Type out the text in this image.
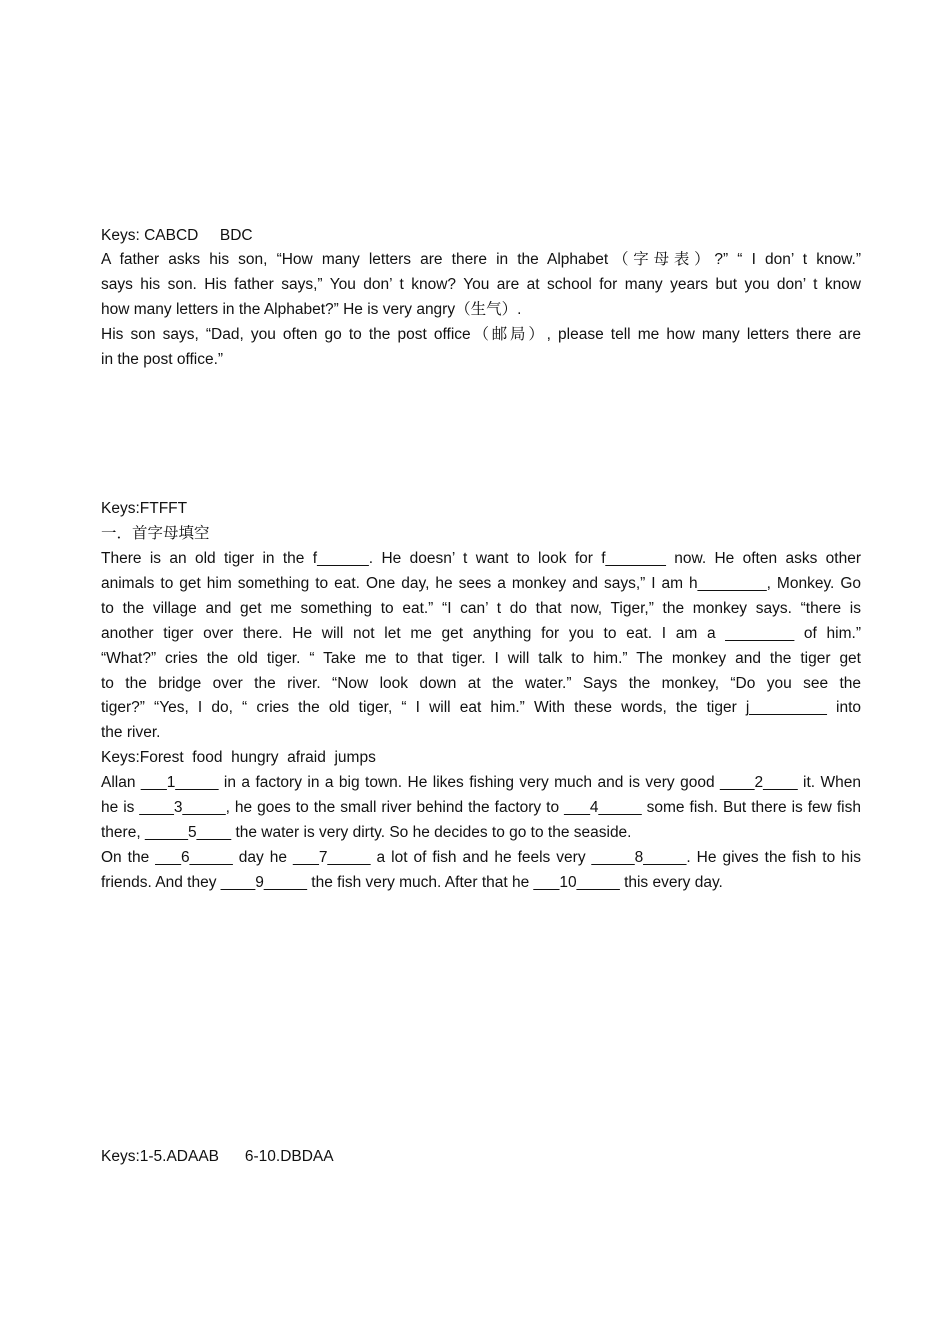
Keys: CABCD     BDC
A father asks his son, “How many letters are there in the Alphabet（字母表）?” “ I don’ t know.”
says his son. His father says,” You don’ t know? You are at school for many years but you don’ t know
how many letters in the Alphabet?” He is very angry（生气）.
His son says, “Dad, you often go to the post office（邮局）, please tell me how many letters there are
in the post office.”

Keys:FTFFT
一．首字母填空
There is an old tiger in the f______. He doesn’ t want to look for f_______ now. He often asks other
animals to get him something to eat. One day, he sees a monkey and says,” I am h________, Monkey. Go
to the village and get me something to eat.” “I can’ t do that now, Tiger,” the monkey says. “there is
another tiger over there. He will not let me get anything for you to eat. I am a ________ of him.”
“What?” cries the old tiger. “ Take me to that tiger. I will talk to him.” The monkey and the tiger get
to the bridge over the river. “Now look down at the water.” Says the monkey, “Do you see the
tiger?” “Yes, I do, “ cries the old tiger, “ I will eat him.” With these words, the tiger j_________ into
the river.
Keys:Forest  food  hungry  afraid  jumps
Allan ___1_____ in a factory in a big town. He likes fishing very much and is very good ____2____ it. When
he is ____3_____, he goes to the small river behind the factory to ___4_____ some fish. But there is few fish
there, _____5____ the water is very dirty. So he decides to go to the seaside.
On the ___6_____ day he ___7_____ a lot of fish and he feels very _____8_____. He gives the fish to his
friends. And they ____9_____ the fish very much. After that he ___10_____ this every day.

Keys:1-5.ADAAB      6-10.DBDAA
